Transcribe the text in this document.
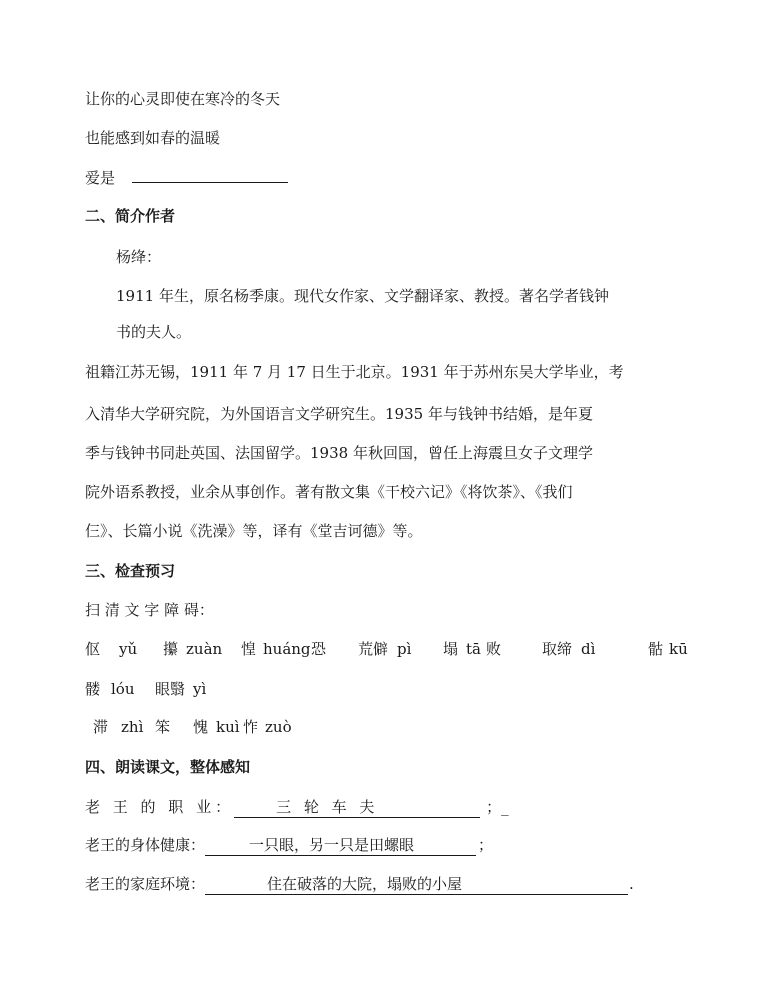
让你的心灵即使在寒冷的冬天
也能感到如春的温暖
爱是
二、简介作者
杨绛：
1911 年生，原名杨季康。现代女作家、文学翻译家、教授。著名学者钱钟
书的夫人。
祖籍江苏无锡，1911 年 7 月 17 日生于北京。1931 年于苏州东吴大学毕业，考
入清华大学研究院，为外国语言文学研究生。1935 年与钱钟书结婚，是年夏
季与钱钟书同赴英国、法国留学。1938 年秋回国，曾任上海震旦女子文理学
院外语系教授，业余从事创作。著有散文集《干校六记》《将饮茶》、《我们
仨》、长篇小说《洗澡》等，译有《堂吉诃德》等。
三、检查预习
扫 清 文 字 障 碍：
伛 yǔ 攥 zuàn 惶 huáng 恐 荒僻 pì 塌 tā 败	取缔 dì	骷 kū
髅 lóu 眼翳 yì
滞 zhì 笨 愧 kuì 怍 zuò
四、朗读课文，整体感知
老 王 的 职 业：	三 轮 车 夫	；_
老王的身体健康：	一只眼，另一只是田螺眼	；
老王的家庭环境：	住在破落的大院，塌败的小屋	.
